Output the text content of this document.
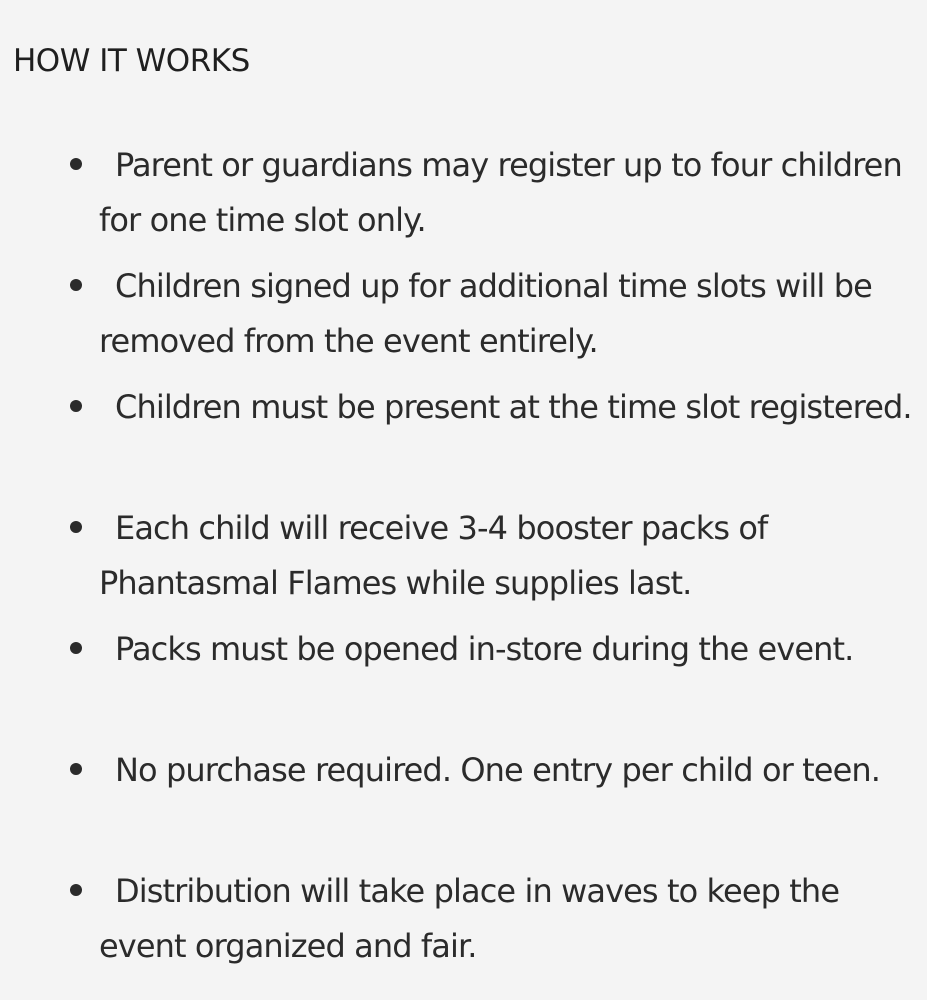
HOW IT WORKS

Parent or guardians may register up to four children for one time slot only.

Children signed up for additional time slots will be removed from the event entirely.

Children must be present at the time slot registered.

Each child will receive 3-4 booster packs of Phantasmal Flames while supplies last.

Packs must be opened in-store during the event.

No purchase required. One entry per child or teen.

Distribution will take place in waves to keep the event organized and fair.
